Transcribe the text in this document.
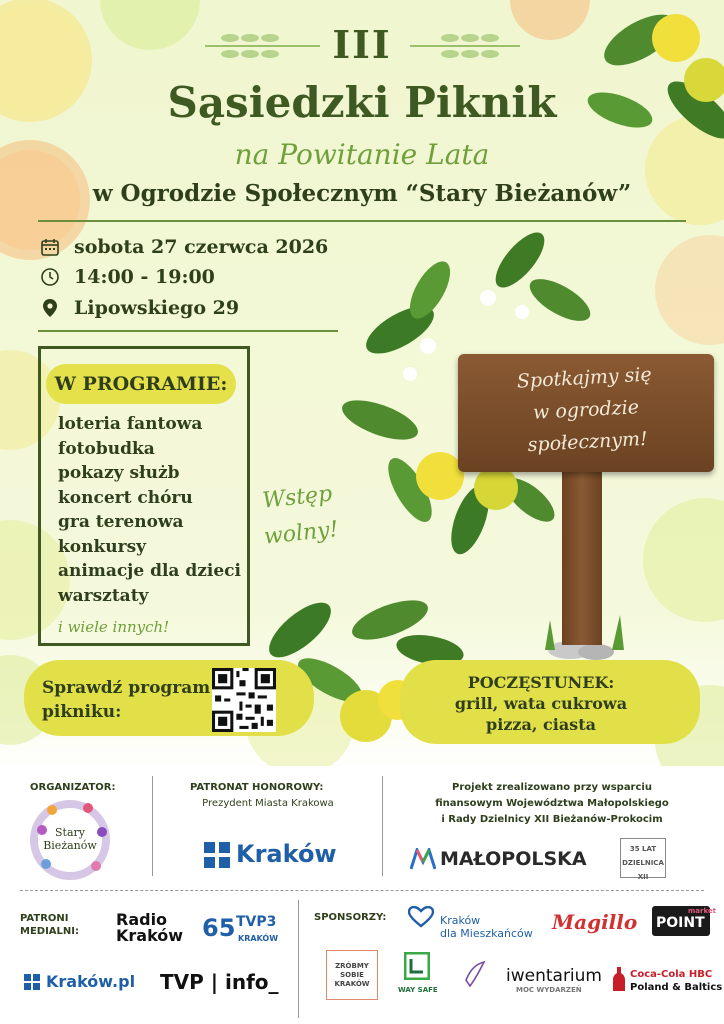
III
Sąsiedzki Piknik
na Powitanie Lata
w Ogrodzie Społecznym “Stary Bieżanów”
sobota 27 czerwca 2026
14:00 - 19:00
Lipowskiego 29
W PROGRAMIE:
loteria fantowa
fotobudka
pokazy służb
koncert chóru
gra terenowa
konkursy
animacje dla dzieci
warsztaty
i wiele innych!
Wstęp
wolny!
Spotkajmy się
w ogrodzie
społecznym!
Sprawdź program
pikniku:
POCZĘSTUNEK:
grill, wata cukrowa
pizza, ciasta
ORGANIZATOR:
Stary
Bieżanów
PATRONAT HONOROWY:
Prezydent Miasta Krakowa
Kraków
Projekt zrealizowano przy wsparciu
finansowym Województwa Małopolskiego
i Rady Dzielnicy XII Bieżanów-Prokocim
MAŁOPOLSKA	35 LAT
DZIELNICA XII
PATRONI
MEDIALNI:
Radio
Kraków 65 TVP3
KRAKÓW
Kraków.pl TVP | info_
SPONSORZY:	Kraków
dla Mieszkańców Magillo	market
POINT
ZRÓBMY
SOBIE
KRAKÓW
WAY SAFE
iwentarium
MOC WYDARZEŃ
Coca-Cola HBC
Poland & Baltics
